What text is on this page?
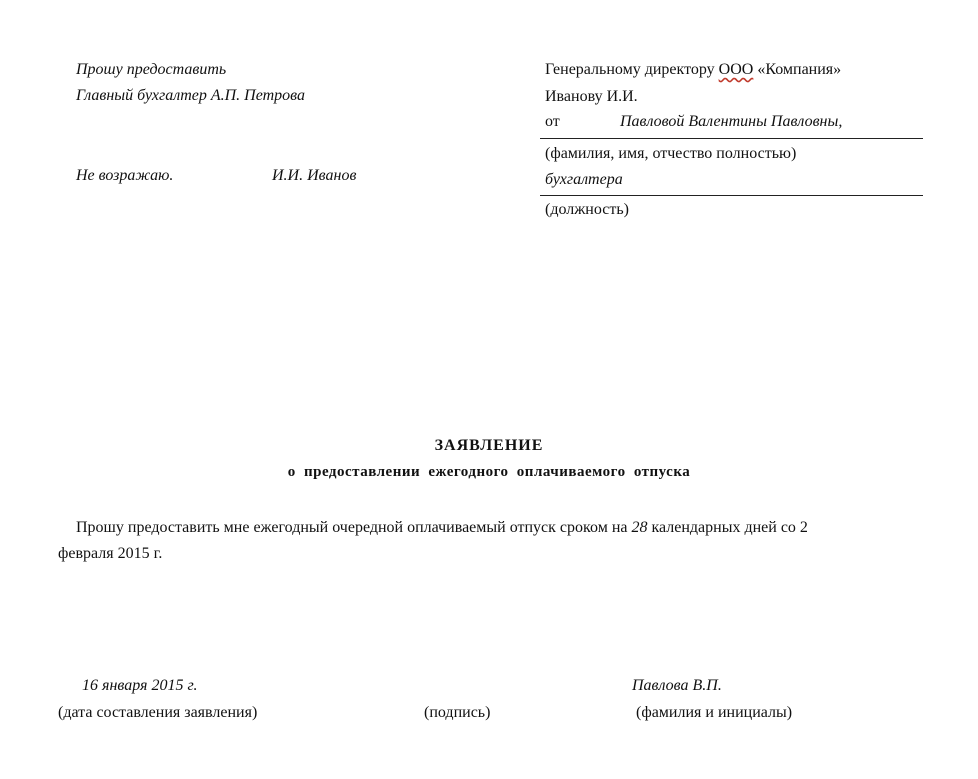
Прошу предоставить
Главный бухгалтер А.П. Петрова
Не возражаю.	И.И. Иванов
Генеральному директору ООО «Компания»
Иванову И.И.
от	Павловой Валентины Павловны,
(фамилия, имя, отчество полностью)
бухгалтера
(должность)
ЗАЯВЛЕНИЕ
о предоставлении ежегодного оплачиваемого отпуска
Прошу предоставить мне ежегодный очередной оплачиваемый отпуск сроком на 28 календарных дней со 2
февраля 2015 г.
16 января 2015 г.
(дата составления заявления)	(подпись)
Павлова В.П.
(фамилия и инициалы)
